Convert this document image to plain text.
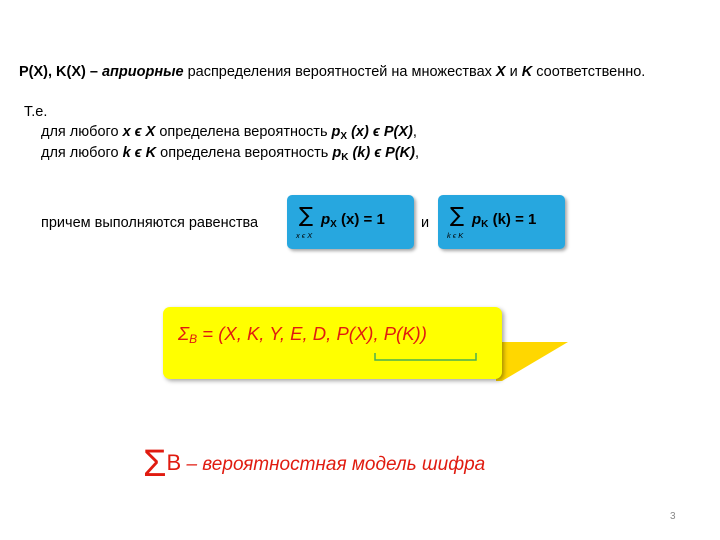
P(X), K(X) – априорные распределения вероятностей на множествах X и K соответственно.
Т.е.
для любого x ϵ X определена вероятность $p_X$ (x) ϵ P(X),
для любого k ϵ K определена вероятность $p_K$ (k) ϵ P(K),
причем выполняются равенства ∑
x ϵ X
$p_X$ (x) = 1 и ∑
k ϵ K
$p_K$ (k) = 1
$\Sigma_B = (X$, K, Y, E, D, P(X), P(K))
ΣB – вероятностная модель шифра
3
